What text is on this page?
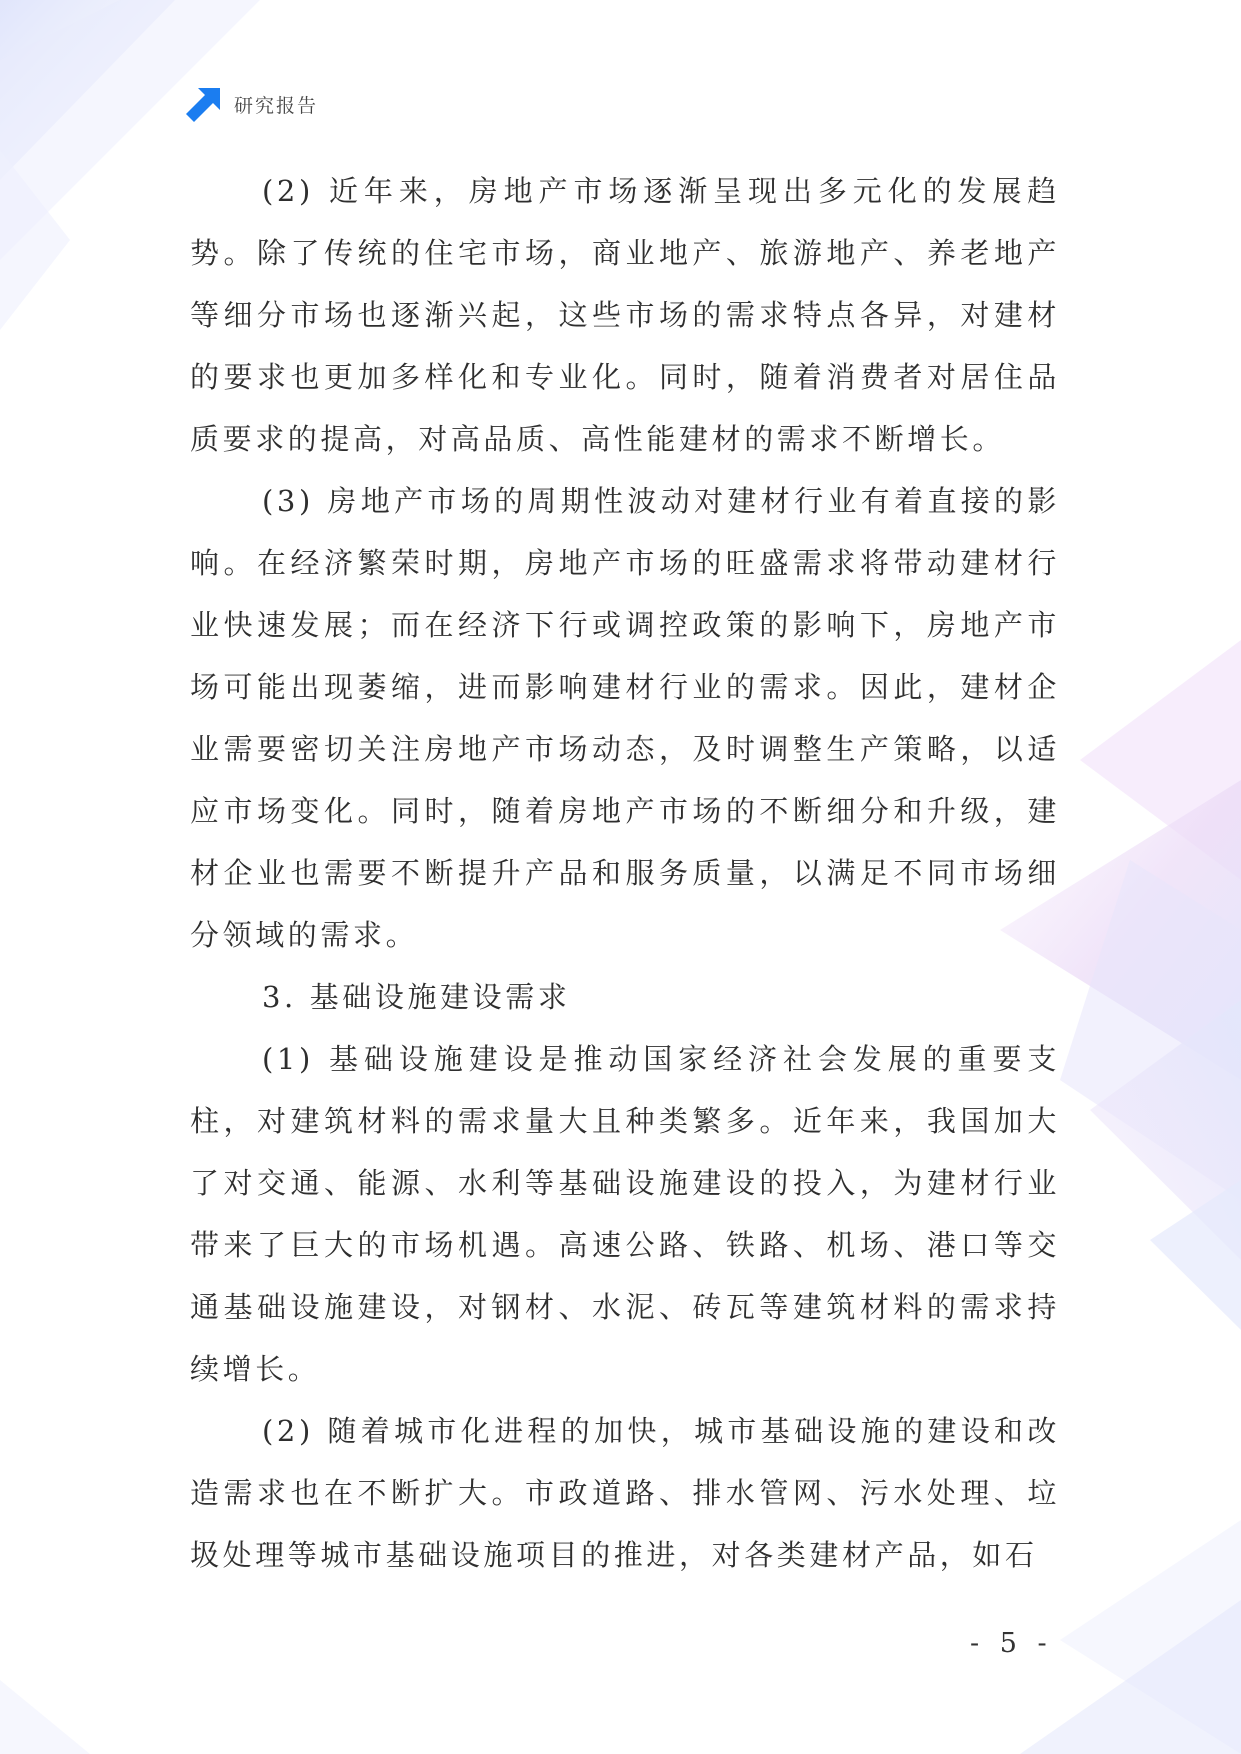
研究报告

(2) 近年来，房地产市场逐渐呈现出多元化的发展趋势。除了传统的住宅市场，商业地产、旅游地产、养老地产等细分市场也逐渐兴起，这些市场的需求特点各异，对建材的要求也更加多样化和专业化。同时，随着消费者对居住品质要求的提高，对高品质、高性能建材的需求不断增长。

(3) 房地产市场的周期性波动对建材行业有着直接的影响。在经济繁荣时期，房地产市场的旺盛需求将带动建材行业快速发展；而在经济下行或调控政策的影响下，房地产市场可能出现萎缩，进而影响建材行业的需求。因此，建材企业需要密切关注房地产市场动态，及时调整生产策略，以适应市场变化。同时，随着房地产市场的不断细分和升级，建材企业也需要不断提升产品和服务质量，以满足不同市场细分领域的需求。

3. 基础设施建设需求

(1) 基础设施建设是推动国家经济社会发展的重要支柱，对建筑材料的需求量大且种类繁多。近年来，我国加大了对交通、能源、水利等基础设施建设的投入，为建材行业带来了巨大的市场机遇。高速公路、铁路、机场、港口等交通基础设施建设，对钢材、水泥、砖瓦等建筑材料的需求持续增长。

(2) 随着城市化进程的加快，城市基础设施的建设和改造需求也在不断扩大。市政道路、排水管网、污水处理、垃圾处理等城市基础设施项目的推进，对各类建材产品，如石

- 5 -
